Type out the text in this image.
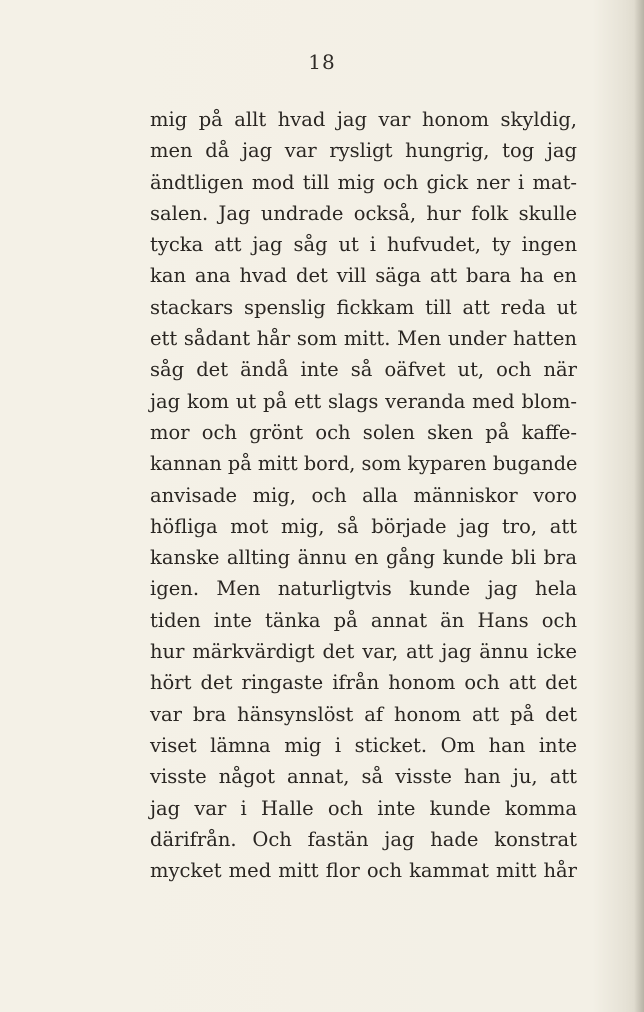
18
mig på allt hvad jag var honom skyldig,
men då jag var rysligt hungrig, tog jag
ändtligen mod till mig och gick ner i mat-
salen. Jag undrade också, hur folk skulle
tycka att jag såg ut i hufvudet, ty ingen
kan ana hvad det vill säga att bara ha en
stackars spenslig fickkam till att reda ut
ett sådant hår som mitt. Men under hatten
såg det ändå inte så oäfvet ut, och när
jag kom ut på ett slags veranda med blom-
mor och grönt och solen sken på kaffe-
kannan på mitt bord, som kyparen bugande
anvisade mig, och alla människor voro
höfliga mot mig, så började jag tro, att
kanske allting ännu en gång kunde bli bra
igen. Men naturligtvis kunde jag hela
tiden inte tänka på annat än Hans och
hur märkvärdigt det var, att jag ännu icke
hört det ringaste ifrån honom och att det
var bra hänsynslöst af honom att på det
viset lämna mig i sticket. Om han inte
visste något annat, så visste han ju, att
jag var i Halle och inte kunde komma
därifrån. Och fastän jag hade konstrat
mycket med mitt flor och kammat mitt hår
